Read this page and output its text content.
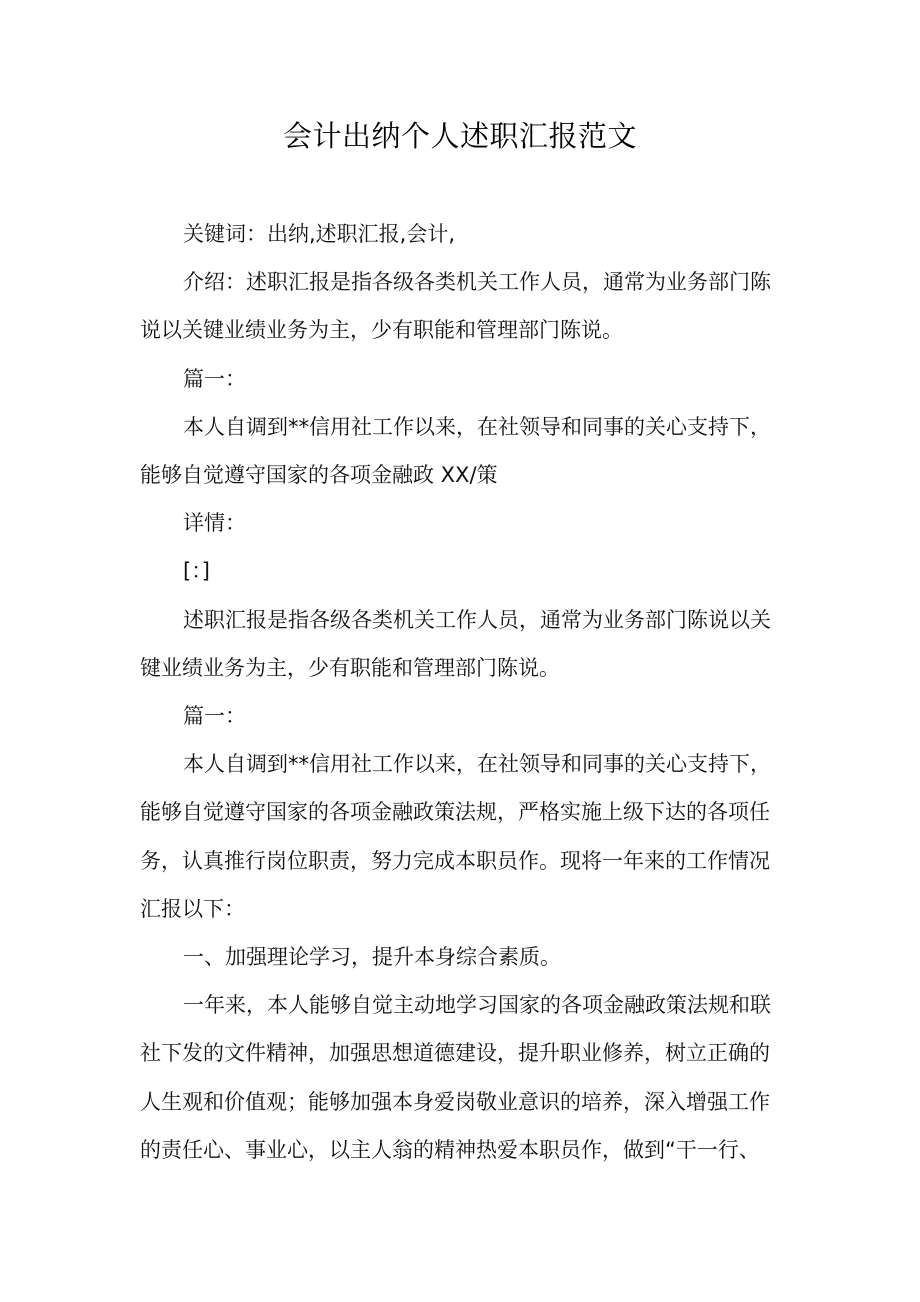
会计出纳个人述职汇报范文

关键词：出纳,述职汇报,会计,

介绍：述职汇报是指各级各类机关工作人员，通常为业务部门陈

说以关键业绩业务为主，少有职能和管理部门陈说。

篇一：

本人自调到**信用社工作以来，在社领导和同事的关心支持下，

能够自觉遵守国家的各项金融政 XX/策

详情：

[：]

述职汇报是指各级各类机关工作人员，通常为业务部门陈说以关

键业绩业务为主，少有职能和管理部门陈说。

篇一：

本人自调到**信用社工作以来，在社领导和同事的关心支持下，

能够自觉遵守国家的各项金融政策法规，严格实施上级下达的各项任

务，认真推行岗位职责，努力完成本职员作。现将一年来的工作情况

汇报以下：

一、加强理论学习，提升本身综合素质。

一年来，本人能够自觉主动地学习国家的各项金融政策法规和联

社下发的文件精神，加强思想道德建设，提升职业修养，树立正确的

人生观和价值观；能够加强本身爱岗敬业意识的培养，深入增强工作

的责任心、事业心，以主人翁的精神热爱本职员作，做到“干一行、
